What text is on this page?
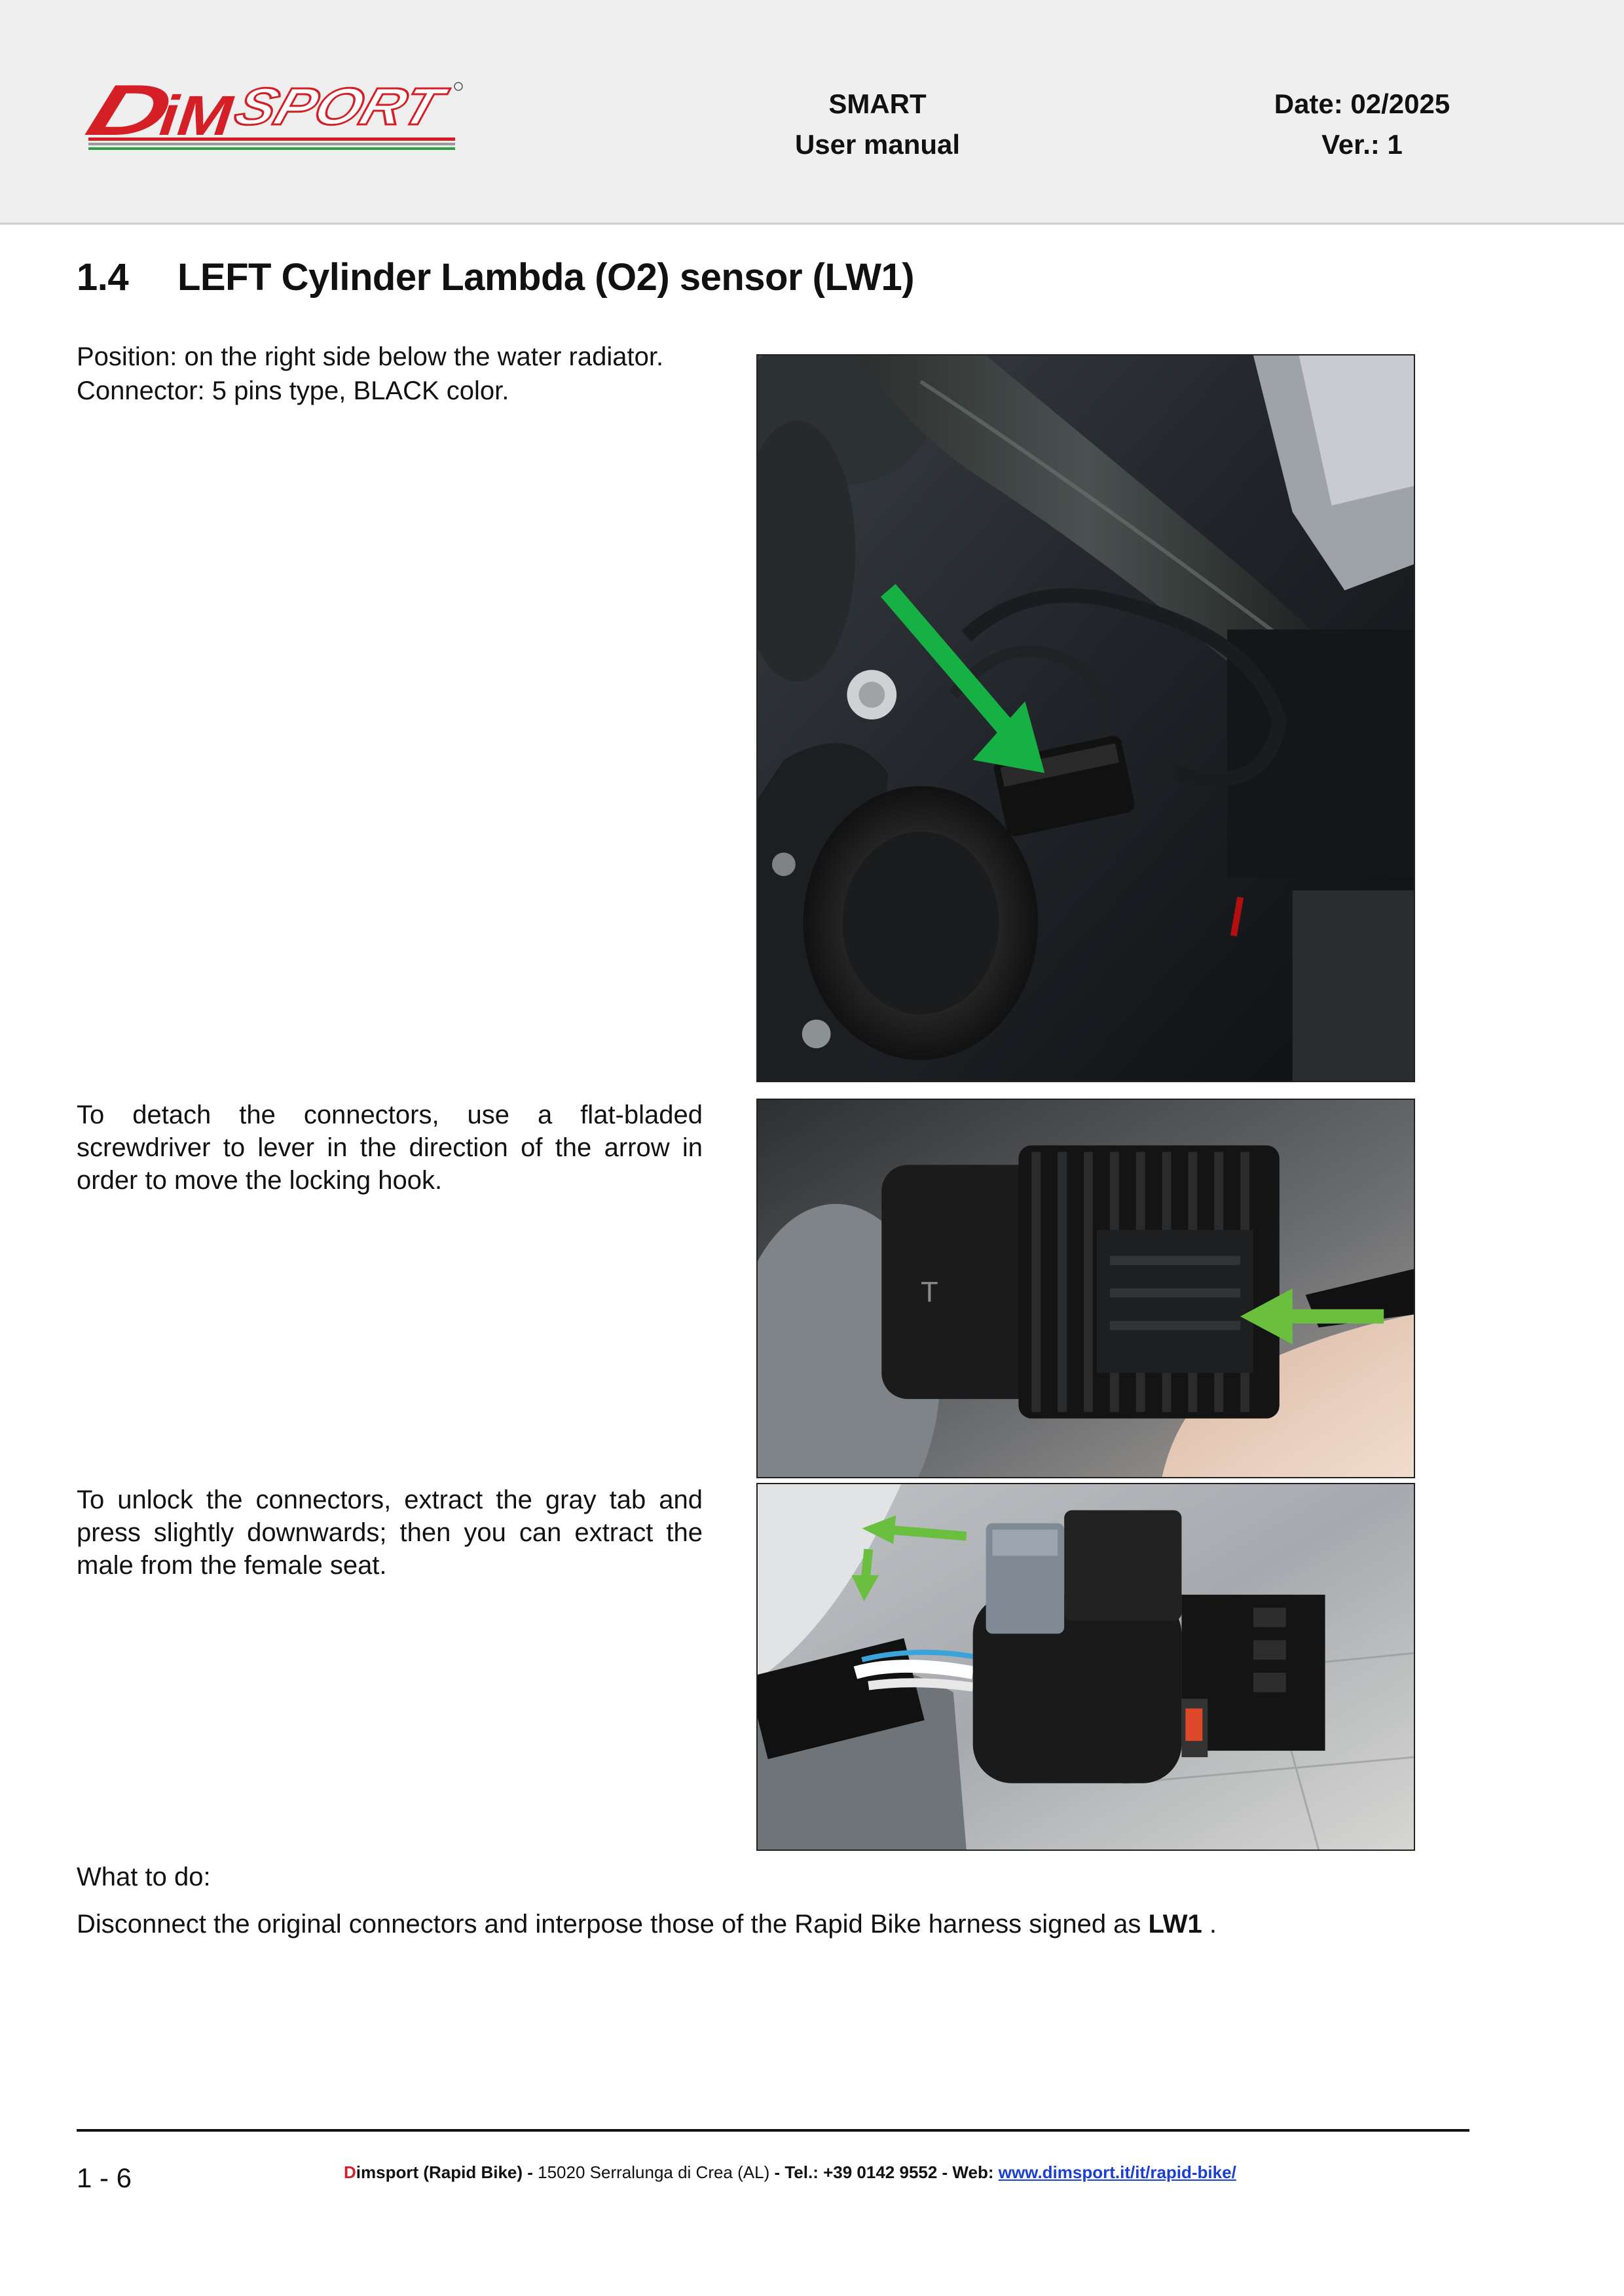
D
iM
SPORT	SMART
User manual
Date: 02/2025
Ver.: 1
1.4 LEFT Cylinder Lambda (O2) sensor (LW1)
Position: on the right side below the water radiator.
Connector: 5 pins type, BLACK color.
To detach the connectors, use a flat-bladed screwdriver to lever in the direction of the arrow in order to move the locking hook.
To unlock the connectors, extract the gray tab and press slightly downwards; then you can extract the male from the female seat.
What to do:
Disconnect the original connectors and interpose those of the Rapid Bike harness signed as LW1 .
T
1 - 6	Dimsport (Rapid Bike) - 15020 Serralunga di Crea (AL) - Tel.: +39 0142 9552 - Web: www.dimsport.it/it/rapid-bike/
